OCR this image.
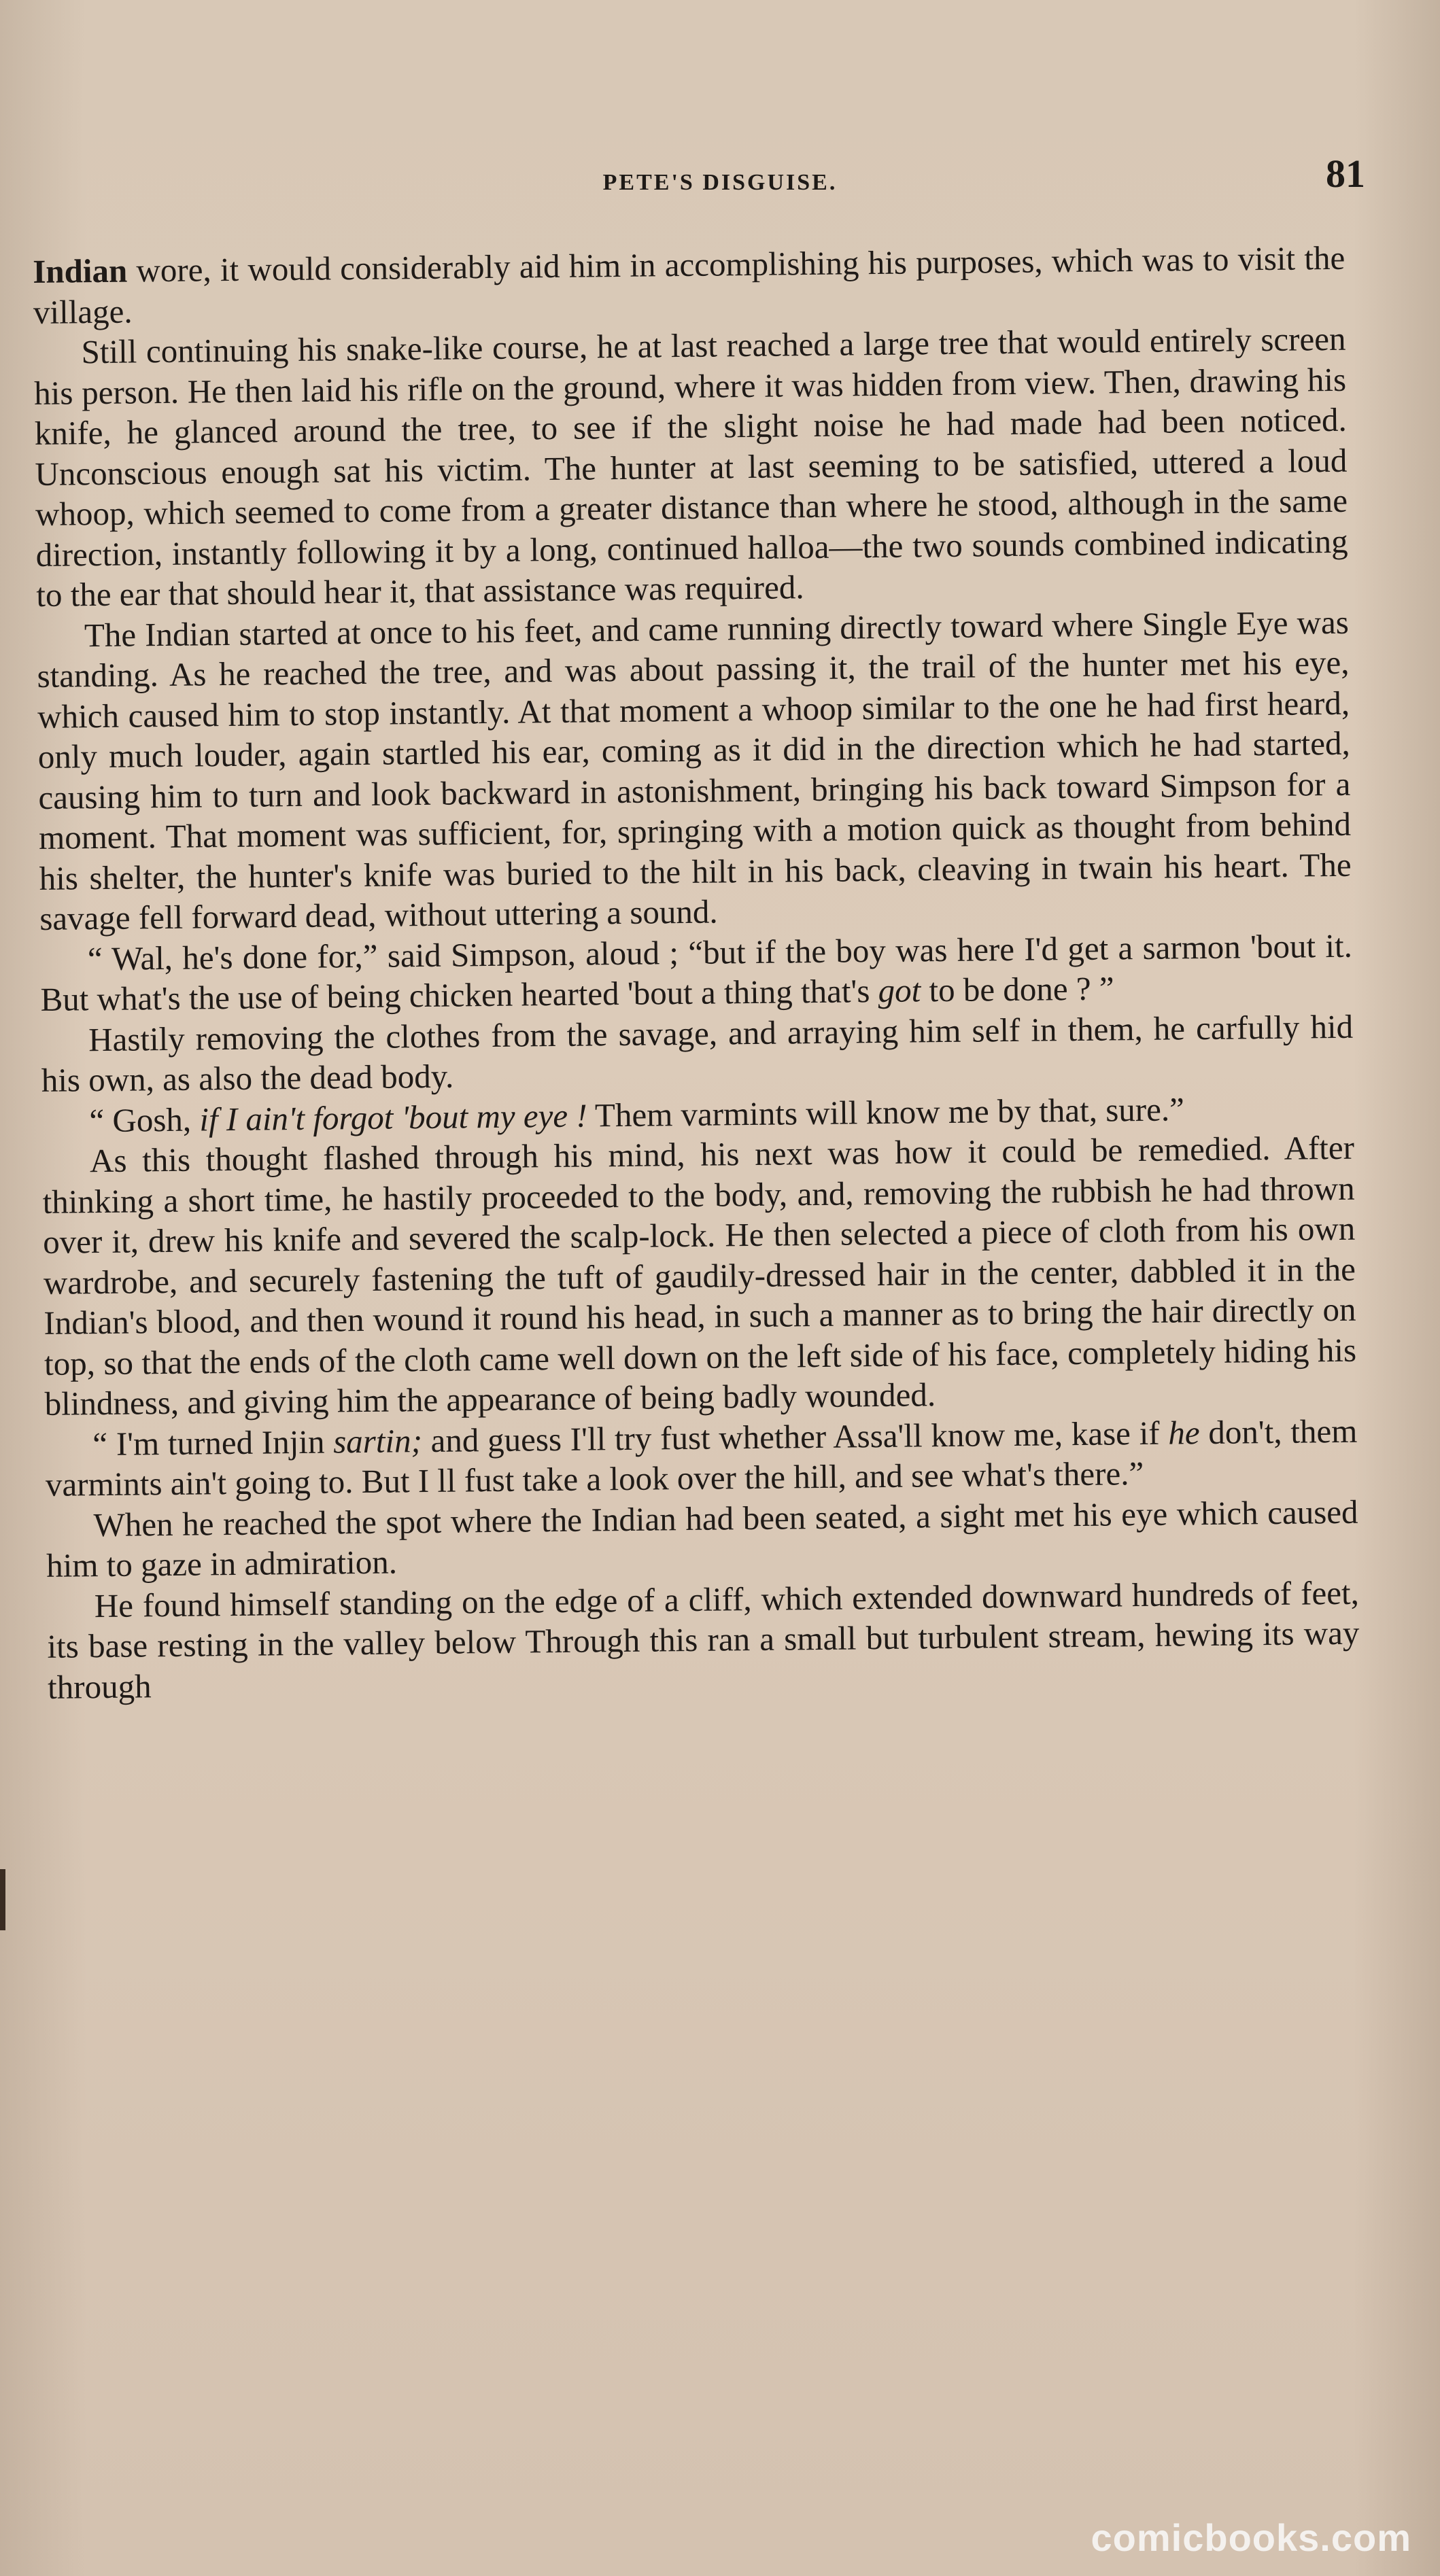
PETE'S DISGUISE.	81

Indian wore, it would considerably aid him in accomplishing his purposes, which was to visit the village.

Still continuing his snake-like course, he at last reached a large tree that would entirely screen his person. He then laid his rifle on the ground, where it was hidden from view. Then, drawing his knife, he glanced around the tree, to see if the slight noise he had made had been noticed. Unconscious enough sat his victim. The hunter at last seeming to be satisfied, uttered a loud whoop, which seemed to come from a greater distance than where he stood, although in the same direction, instantly following it by a long, continued halloa—the two sounds combined indicating to the ear that should hear it, that assistance was required.

The Indian started at once to his feet, and came running directly toward where Single Eye was standing. As he reached the tree, and was about passing it, the trail of the hunter met his eye, which caused him to stop instantly. At that moment a whoop similar to the one he had first heard, only much louder, again startled his ear, coming as it did in the direction which he had started, causing him to turn and look backward in astonishment, bringing his back toward Simpson for a moment. That moment was sufficient, for, springing with a motion quick as thought from behind his shelter, the hunter's knife was buried to the hilt in his back, cleaving in twain his heart. The savage fell forward dead, without uttering a sound.

“ Wal, he's done for,” said Simpson, aloud ; “but if the boy was here I'd get a sarmon 'bout it. But what's the use of being chicken hearted 'bout a thing that's got to be done ? ”

Hastily removing the clothes from the savage, and arraying him self in them, he carfully hid his own, as also the dead body.

“ Gosh, if I ain't forgot 'bout my eye ! Them varmints will know me by that, sure.”

As this thought flashed through his mind, his next was how it could be remedied. After thinking a short time, he hastily proceeded to the body, and, removing the rubbish he had thrown over it, drew his knife and severed the scalp-lock. He then selected a piece of cloth from his own wardrobe, and securely fastening the tuft of gaudily-dressed hair in the center, dabbled it in the Indian's blood, and then wound it round his head, in such a manner as to bring the hair directly on top, so that the ends of the cloth came well down on the left side of his face, completely hiding his blindness, and giving him the appearance of being badly wounded.

“ I'm turned Injin sartin; and guess I'll try fust whether Assa'll know me, kase if he don't, them varmints ain't going to. But I ll fust take a look over the hill, and see what's there.”

When he reached the spot where the Indian had been seated, a sight met his eye which caused him to gaze in admiration.

He found himself standing on the edge of a cliff, which extended downward hundreds of feet, its base resting in the valley below Through this ran a small but turbulent stream, hewing its way through

comicbooks.com
